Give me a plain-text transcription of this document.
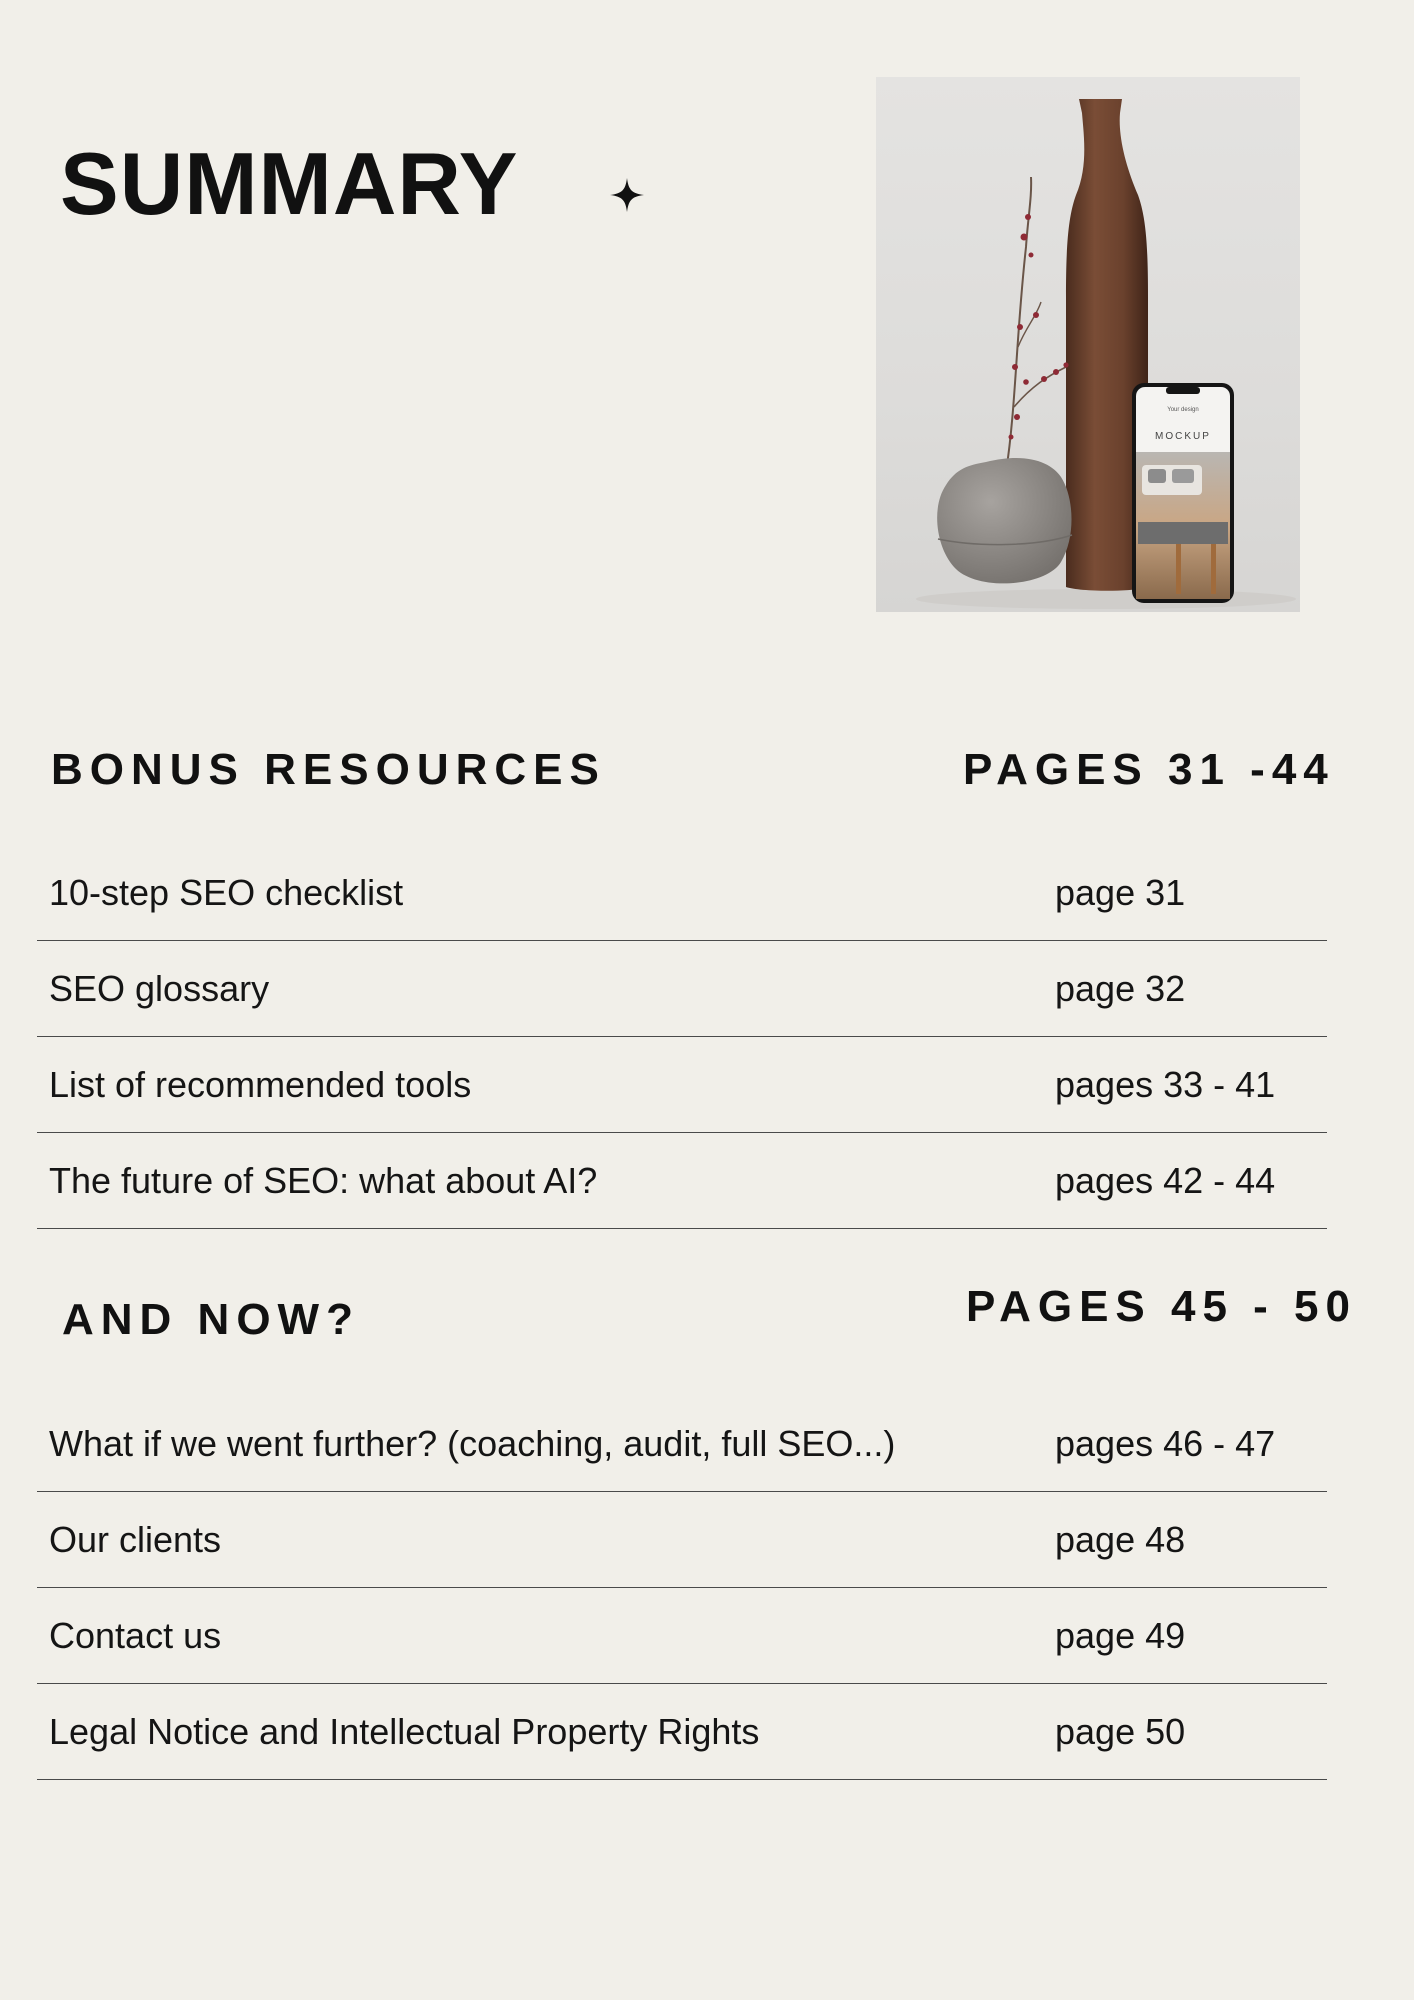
SUMMARY
Your design
MOCKUP
BONUS RESOURCES	PAGES 31 -44
10-step SEO checklist	page 31
SEO glossary	page 32
List of recommended tools	pages 33 - 41
The future of SEO: what about AI?	pages 42 - 44
AND NOW?	PAGES 45 - 50
What if we went further? (coaching, audit, full SEO...)	pages 46 - 47
Our clients	page 48
Contact us	page 49
Legal Notice and Intellectual Property Rights	page 50
